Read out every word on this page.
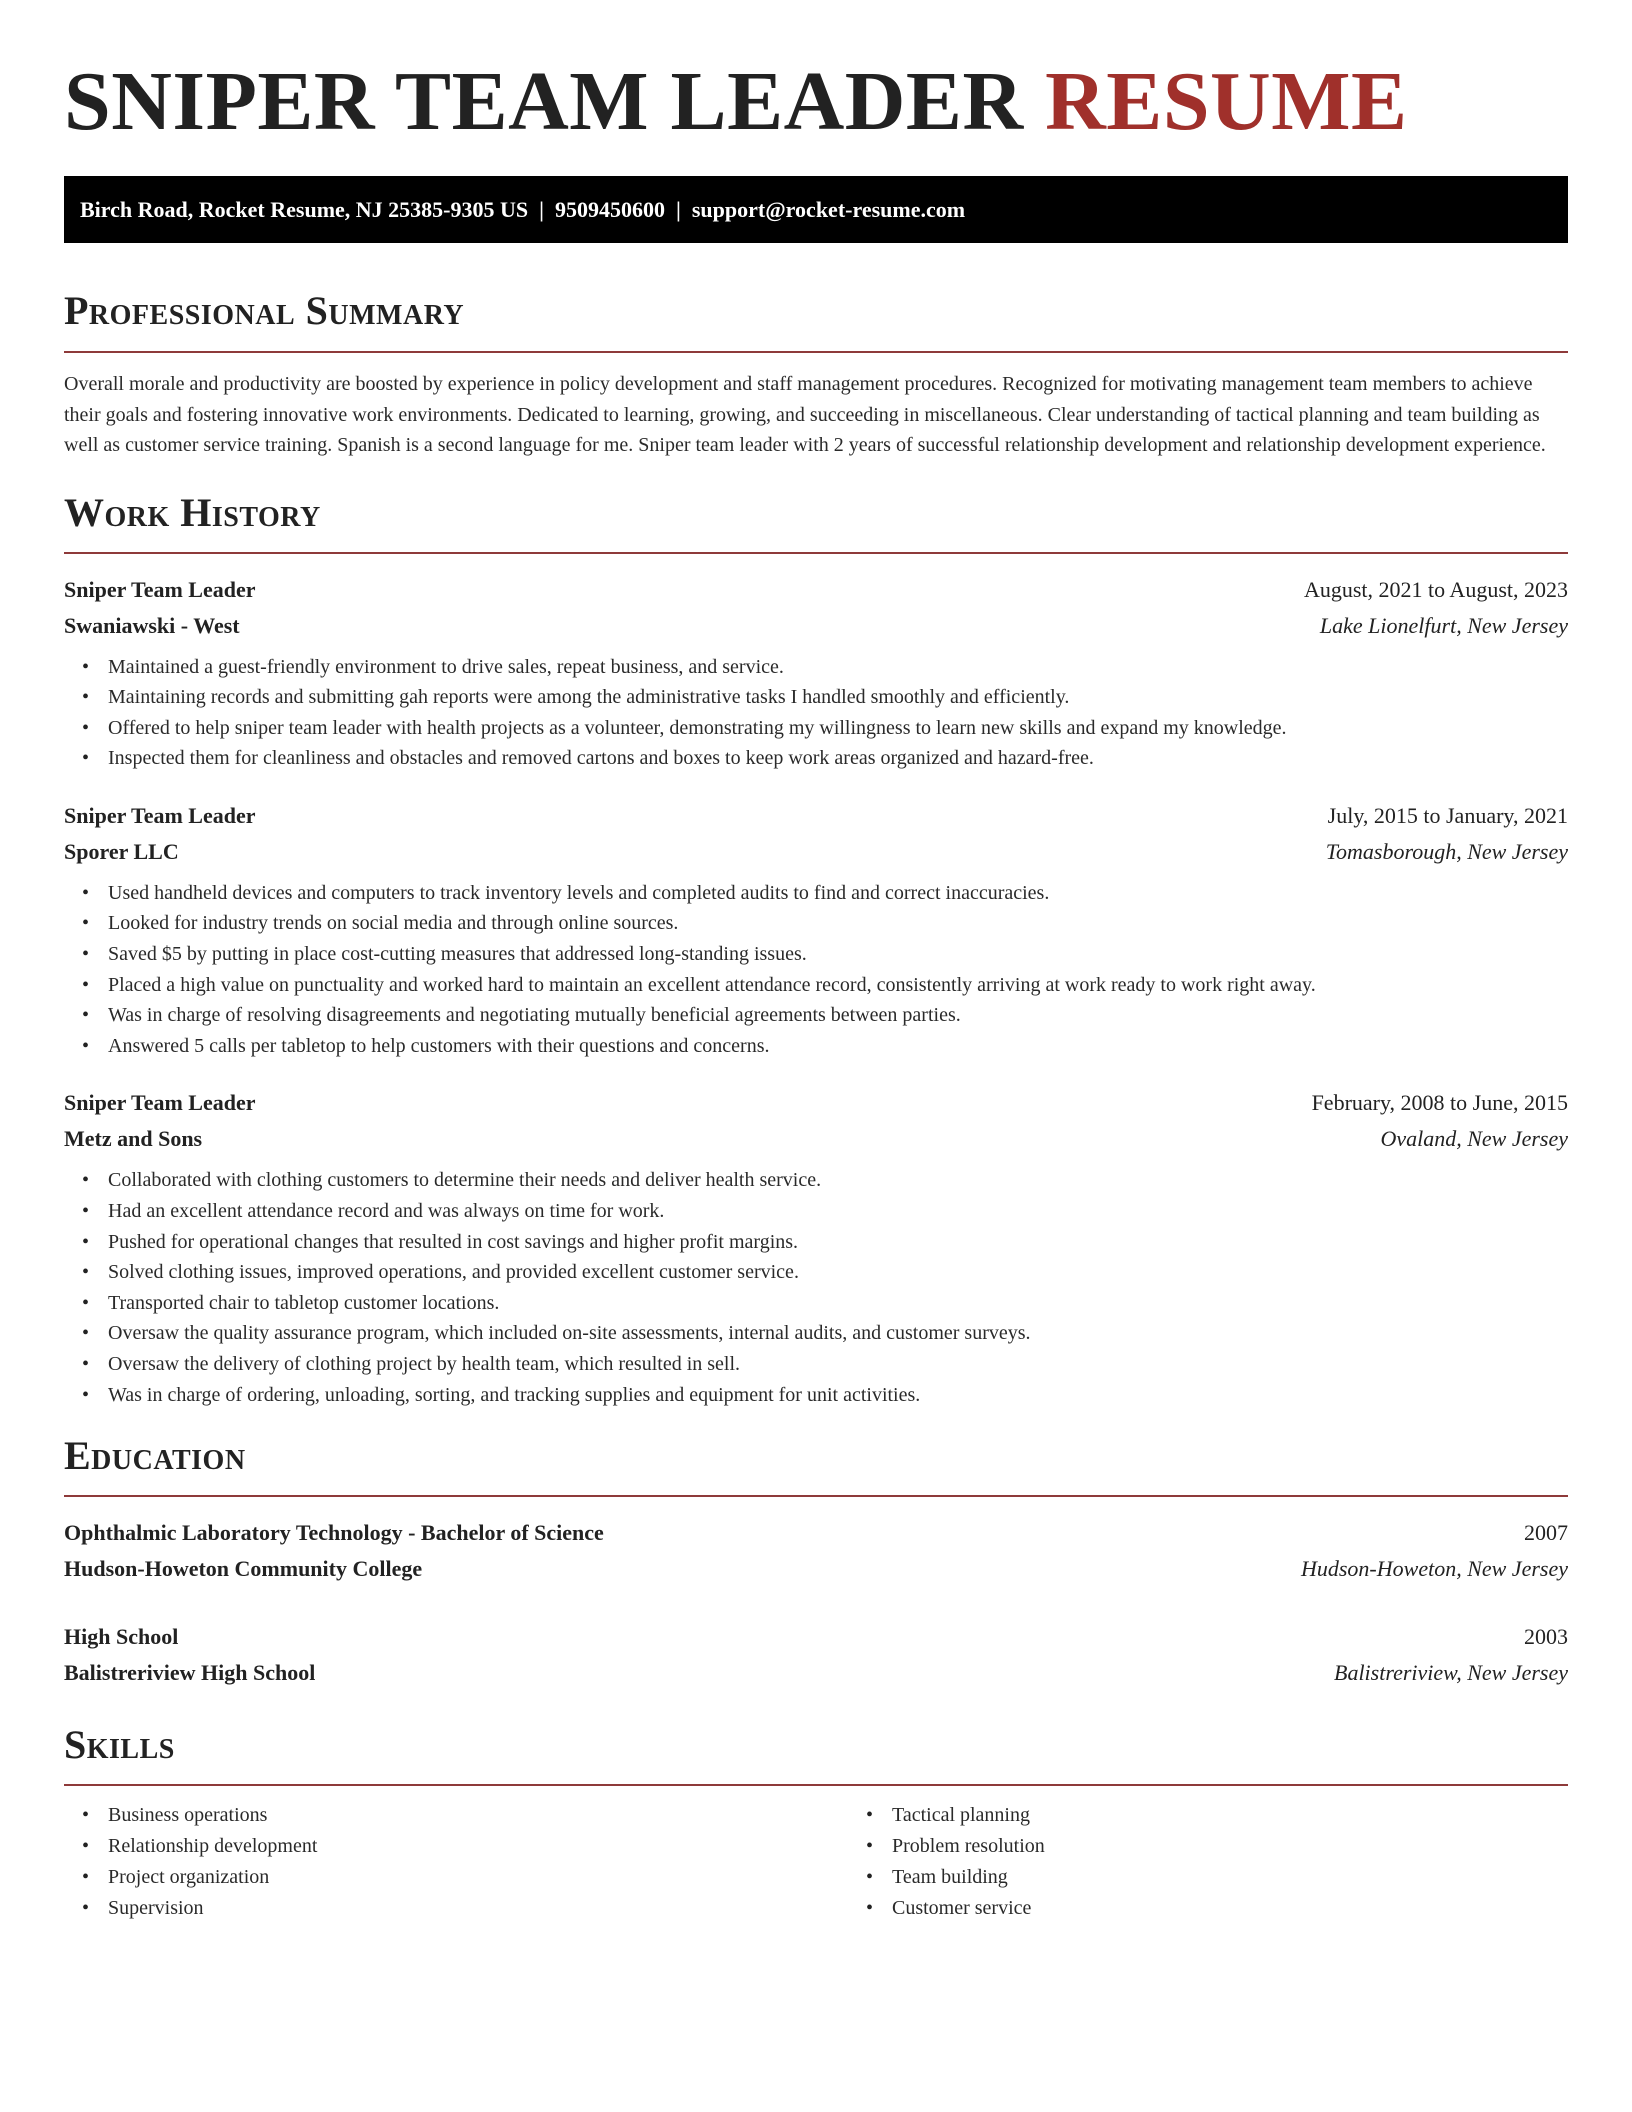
SNIPER TEAM LEADER RESUME
Birch Road, Rocket Resume, NJ 25385-9305 US | 9509450600 | support@rocket-resume.com
Professional Summary

Overall morale and productivity are boosted by experience in policy development and staff management procedures. Recognized for motivating management team members to achieve their goals and fostering innovative work environments. Dedicated to learning, growing, and succeeding in miscellaneous. Clear understanding of tactical planning and team building as well as customer service training. Spanish is a second language for me. Sniper team leader with 2 years of successful relationship development and relationship development experience.

Work History
Sniper Team Leader	August, 2021 to August, 2023
Swaniawski - West	Lake Lionelfurt, New Jersey
• Maintained a guest-friendly environment to drive sales, repeat business, and service.
• Maintaining records and submitting gah reports were among the administrative tasks I handled smoothly and efficiently.
• Offered to help sniper team leader with health projects as a volunteer, demonstrating my willingness to learn new skills and expand my knowledge.
• Inspected them for cleanliness and obstacles and removed cartons and boxes to keep work areas organized and hazard-free.
Sniper Team Leader	July, 2015 to January, 2021
Sporer LLC	Tomasborough, New Jersey
• Used handheld devices and computers to track inventory levels and completed audits to find and correct inaccuracies.
• Looked for industry trends on social media and through online sources.
• Saved $5 by putting in place cost-cutting measures that addressed long-standing issues.
• Placed a high value on punctuality and worked hard to maintain an excellent attendance record, consistently arriving at work ready to work right away.
• Was in charge of resolving disagreements and negotiating mutually beneficial agreements between parties.
• Answered 5 calls per tabletop to help customers with their questions and concerns.
Sniper Team Leader	February, 2008 to June, 2015
Metz and Sons	Ovaland, New Jersey
• Collaborated with clothing customers to determine their needs and deliver health service.
• Had an excellent attendance record and was always on time for work.
• Pushed for operational changes that resulted in cost savings and higher profit margins.
• Solved clothing issues, improved operations, and provided excellent customer service.
• Transported chair to tabletop customer locations.
• Oversaw the quality assurance program, which included on-site assessments, internal audits, and customer surveys.
• Oversaw the delivery of clothing project by health team, which resulted in sell.
• Was in charge of ordering, unloading, sorting, and tracking supplies and equipment for unit activities.
Education
Ophthalmic Laboratory Technology - Bachelor of Science	2007
Hudson-Howeton Community College	Hudson-Howeton, New Jersey
High School	2003
Balistreriview High School	Balistreriview, New Jersey
Skills
• Business operations
• Relationship development
• Project organization
• Supervision
• Tactical planning
• Problem resolution
• Team building
• Customer service
